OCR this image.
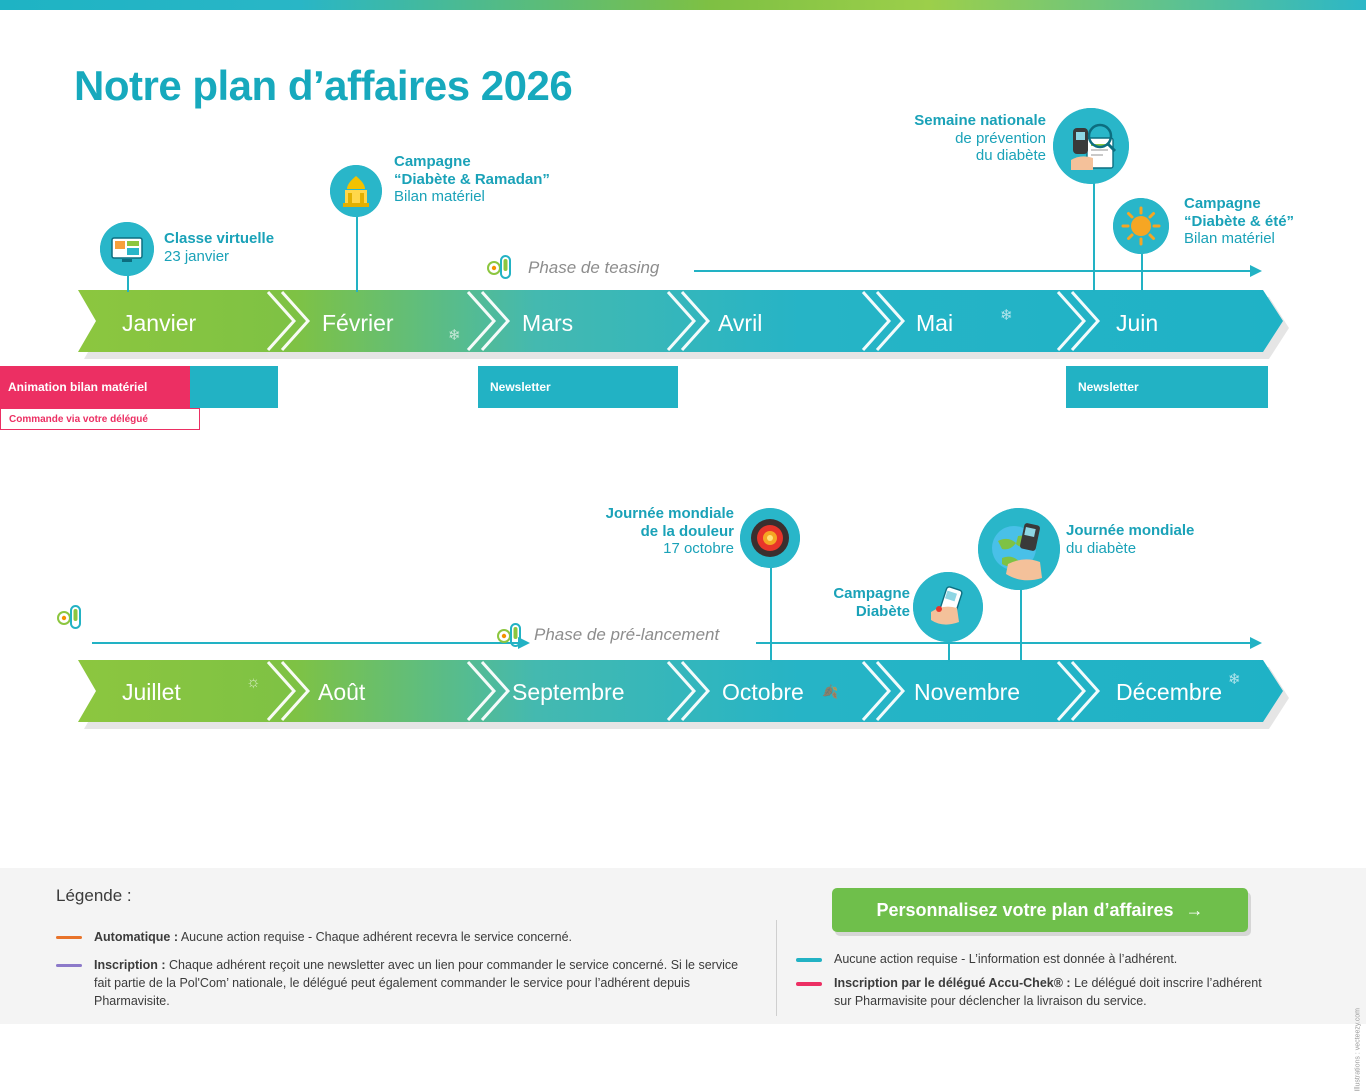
Notre plan d’affaires 2026
Janvier	Février	Mars	Avril	Mai	Juin
❄
❄
Phase de teasing
Classe virtuelle
23 janvier
Campagne
“Diabète & Ramadan”
Bilan matériel
Semaine nationale
de prévention
du diabète
Campagne
“Diabète & été”
Bilan matériel
Animation bilan matériel
Commande via votre délégué
Newsletter	Newsletter
Juillet	Août	Septembre	Octobre	Novembre	Décembre
☼
🍂
❄
Phase de pré-lancement
Journée mondiale
de la douleur
17 octobre
Campagne
Diabète
Journée mondiale
du diabète
Légende :
Automatique : Aucune action requise - Chaque adhérent recevra le service concerné.
Inscription : Chaque adhérent reçoit une newsletter avec un lien pour commander le service concerné. Si le service fait partie de la Pol'Com’ nationale, le délégué peut également commander le service pour l’adhérent depuis Pharmavisite.
Aucune action requise - L’information est donnée à l’adhérent.
Inscription par le délégué Accu-Chek® : Le délégué doit inscrire l’adhérent sur Pharmavisite pour déclencher la livraison du service.
Personnalisez votre plan d’affaires →
Illustrations : vecteezy.com
